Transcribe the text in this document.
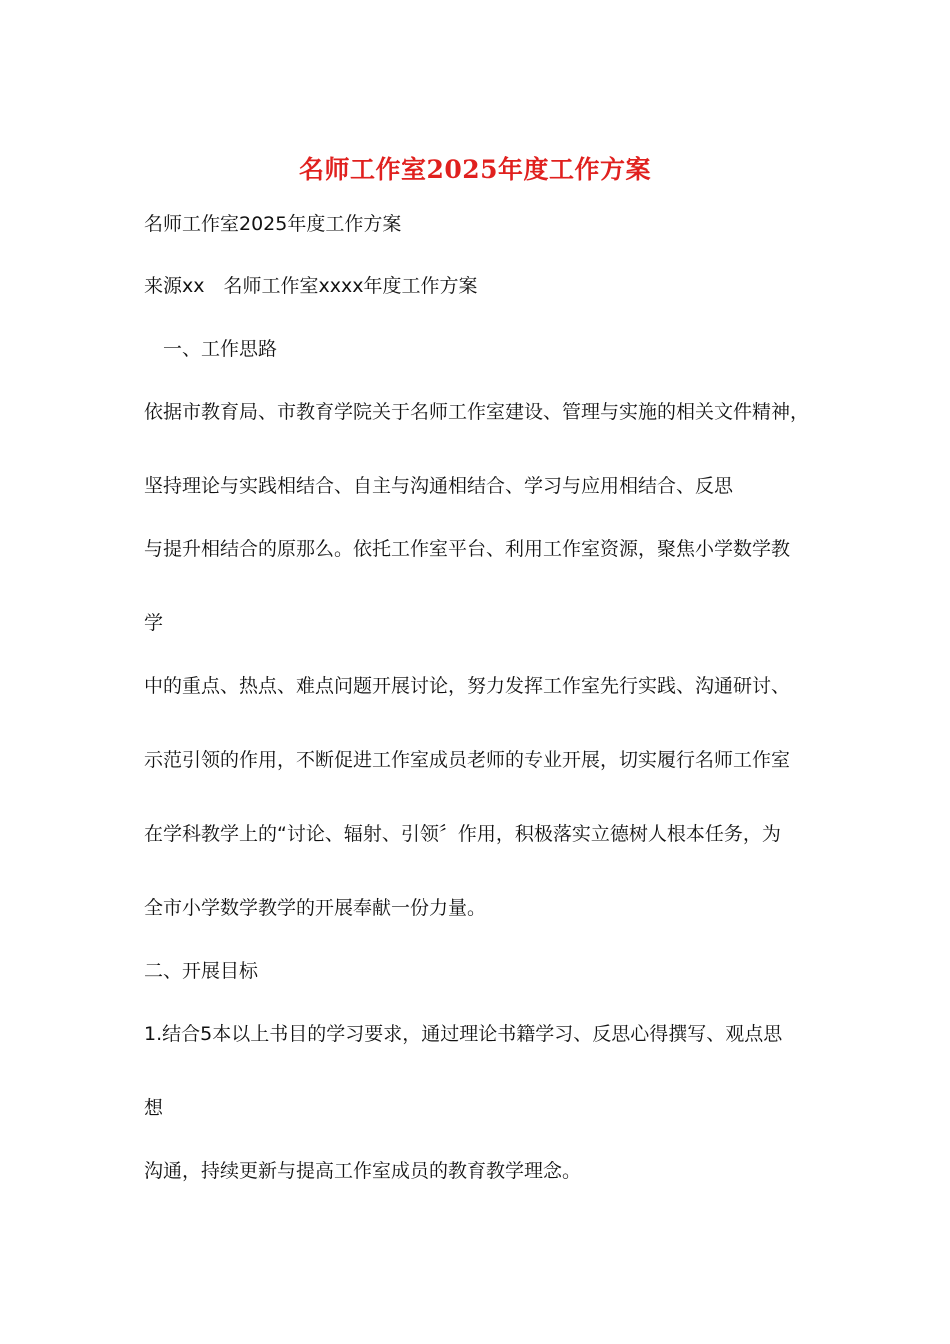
名师工作室2025年度工作方案

名师工作室2025年度工作方案

来源xx　名师工作室xxxx年度工作方案

　一、工作思路

依据市教育局、市教育学院关于名师工作室建设、管理与实施的相关文件精神，

坚持理论与实践相结合、自主与沟通相结合、学习与应用相结合、反思

与提升相结合的原那么。依托工作室平台、利用工作室资源，聚焦小学数学教

学

中的重点、热点、难点问题开展讨论，努力发挥工作室先行实践、沟通研讨、

示范引领的作用，不断促进工作室成员老师的专业开展，切实履行名师工作室

在学科教学上的“讨论、辐射、引领〞作用，积极落实立德树人根本任务，为

全市小学数学教学的开展奉献一份力量。

二、开展目标

1.结合5本以上书目的学习要求，通过理论书籍学习、反思心得撰写、观点思

想

沟通，持续更新与提高工作室成员的教育教学理念。
